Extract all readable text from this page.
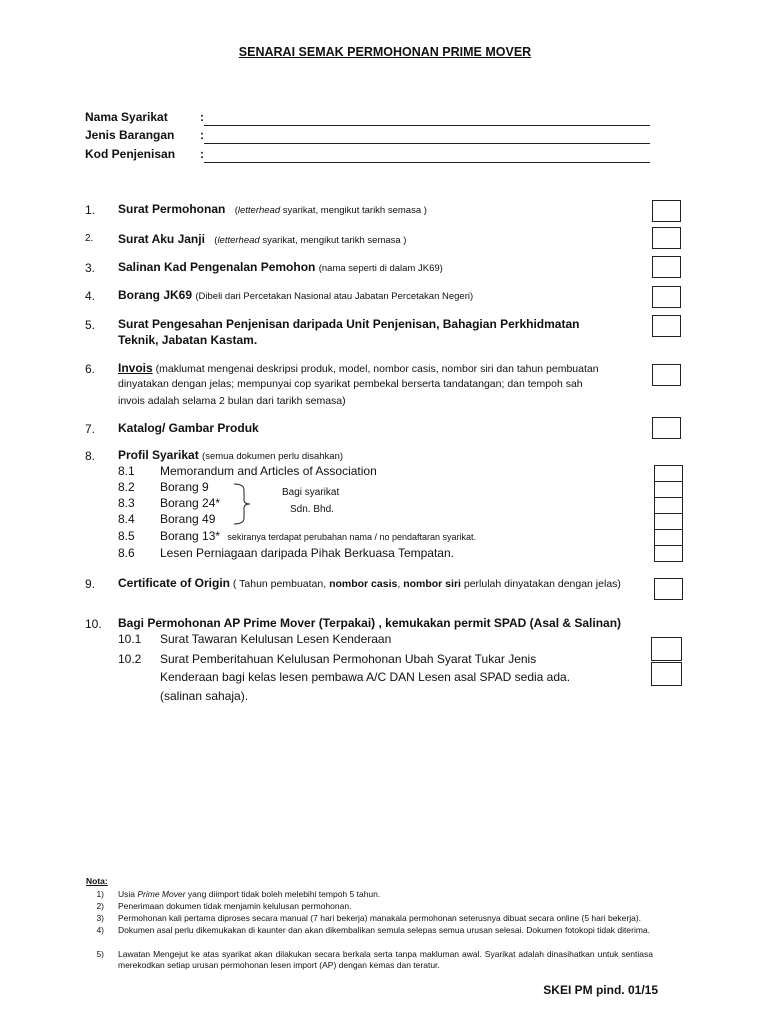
SENARAI SEMAK PERMOHONAN PRIME MOVER
Nama Syarikat	:
Jenis Barangan :
Kod Penjenisan :
1. Surat Permohonan (letterhead syarikat, mengikut tarikh semasa )
2. Surat Aku Janji (letterhead syarikat, mengikut tarikh semasa )
3. Salinan Kad Pengenalan Pemohon (nama seperti di dalam JK69)
4. Borang JK69 (Dibeli dari Percetakan Nasional atau Jabatan Percetakan Negeri)
5. Surat Pengesahan Penjenisan daripada Unit Penjenisan, Bahagian Perkhidmatan
Teknik, Jabatan Kastam.
6. Invois (maklumat mengenai deskripsi produk, model, nombor casis, nombor siri dan tahun pembuatan
dinyatakan dengan jelas; mempunyai cop syarikat pembekal berserta tandatangan; dan tempoh sah
invois adalah selama 2 bulan dari tarikh semasa)
7. Katalog/ Gambar Produk
8. Profil Syarikat (semua dokumen perlu disahkan)
8.1 Memorandum and Articles of Association
8.2 Borang 9
8.3 Borang 24*
8.4 Borang 49
8.5 Borang 13* sekiranya terdapat perubahan nama / no pendaftaran syarikat.
8.6 Lesen Perniagaan daripada Pihak Berkuasa Tempatan.
Bagi syarikat
Sdn. Bhd.
9. Certificate of Origin ( Tahun pembuatan, nombor casis, nombor siri perlulah dinyatakan dengan jelas)
10. Bagi Permohonan AP Prime Mover (Terpakai) , kemukakan permit SPAD (Asal & Salinan)
10.1 Surat Tawaran Kelulusan Lesen Kenderaan
10.2 Surat Pemberitahuan Kelulusan Permohonan Ubah Syarat Tukar Jenis
Kenderaan bagi kelas lesen pembawa A/C DAN Lesen asal SPAD sedia ada.
(salinan sahaja).
Nota:
1) Usia Prime Mover yang diimport tidak boleh melebihi tempoh 5 tahun.
2) Penerimaan dokumen tidak menjamin kelulusan permohonan.
3) Permohonan kali pertama diproses secara manual (7 hari bekerja) manakala permohonan seterusnya dibuat secara online (5 hari bekerja).
4) Dokumen asal perlu dikemukakan di kaunter dan akan dikembalikan semula selepas semua urusan selesai. Dokumen fotokopi tidak diterima.
5) Lawatan Mengejut ke atas syarikat akan dilakukan secara berkala serta tanpa makluman awal. Syarikat adalah dinasihatkan untuk sentiasa merekodkan setiap urusan permohonan lesen import (AP) dengan kemas dan teratur.
SKEI PM pind. 01/15
